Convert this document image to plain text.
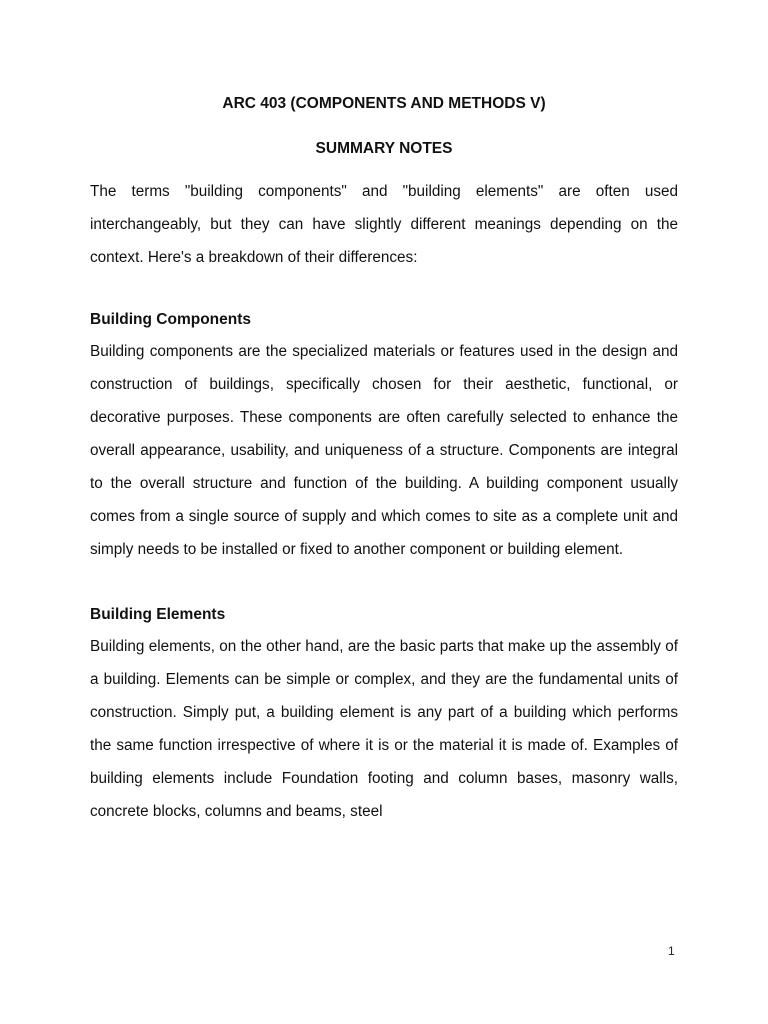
ARC 403 (COMPONENTS AND METHODS V)
SUMMARY NOTES

The terms "building components" and "building elements" are often used interchangeably, but they can have slightly different meanings depending on the context. Here's a breakdown of their differences:

Building Components

Building components are the specialized materials or features used in the design and construction of buildings, specifically chosen for their aesthetic, functional, or decorative purposes. These components are often carefully selected to enhance the overall appearance, usability, and uniqueness of a structure. Components are integral to the overall structure and function of the building. A building component usually comes from a single source of supply and which comes to site as a complete unit and simply needs to be installed or fixed to another component or building element.

Building Elements

Building elements, on the other hand, are the basic parts that make up the assembly of a building. Elements can be simple or complex, and they are the fundamental units of construction. Simply put, a building element is any part of a building which performs the same function irrespective of where it is or the material it is made of. Examples of building elements include Foundation footing and column bases, masonry walls, concrete blocks, columns and beams, steel

1
